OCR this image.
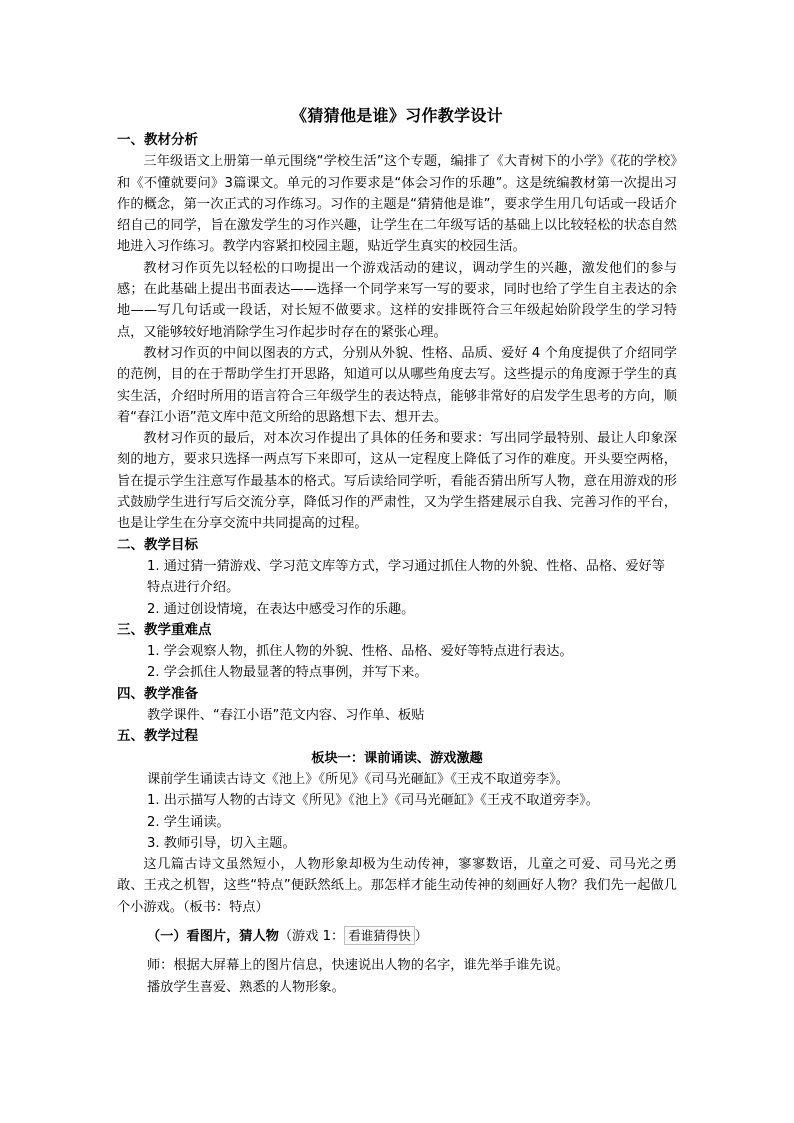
《猜猜他是谁》习作教学设计
一、教材分析

三年级语文上册第一单元围绕“学校生活”这个专题，编排了《大青树下的小学》《花的学校》和《不懂就要问》3篇课文。单元的习作要求是“体会习作的乐趣”。这是统编教材第一次提出习作的概念，第一次正式的习作练习。习作的主题是“猜猜他是谁”，要求学生用几句话或一段话介绍自己的同学，旨在激发学生的习作兴趣，让学生在二年级写话的基础上以比较轻松的状态自然地进入习作练习。教学内容紧扣校园主题，贴近学生真实的校园生活。

教材习作页先以轻松的口吻提出一个游戏活动的建议，调动学生的兴趣，激发他们的参与感；在此基础上提出书面表达——选择一个同学来写一写的要求，同时也给了学生自主表达的余地——写几句话或一段话，对长短不做要求。这样的安排既符合三年级起始阶段学生的学习特点，又能够较好地消除学生习作起步时存在的紧张心理。

教材习作页的中间以图表的方式，分别从外貌、性格、品质、爱好 4 个角度提供了介绍同学的范例，目的在于帮助学生打开思路，知道可以从哪些角度去写。这些提示的角度源于学生的真实生活，介绍时所用的语言符合三年级学生的表达特点，能够非常好的启发学生思考的方向，顺着“春江小语”范文库中范文所给的思路想下去、想开去。

教材习作页的最后，对本次习作提出了具体的任务和要求：写出同学最特别、最让人印象深刻的地方，要求只选择一两点写下来即可，这从一定程度上降低了习作的难度。开头要空两格，旨在提示学生注意写作最基本的格式。写后读给同学听，看能否猜出所写人物，意在用游戏的形式鼓励学生进行写后交流分享，降低习作的严肃性，又为学生搭建展示自我、完善习作的平台，也是让学生在分享交流中共同提高的过程。

二、教学目标

1. 通过猜一猜游戏、学习范文库等方式，学习通过抓住人物的外貌、性格、品格、爱好等

特点进行介绍。

2. 通过创设情境，在表达中感受习作的乐趣。

三、教学重难点

1. 学会观察人物，抓住人物的外貌、性格、品格、爱好等特点进行表达。

2. 学会抓住人物最显著的特点事例，并写下来。

四、教学准备

教学课件、“春江小语”范文内容、习作单、板贴

五、教学过程
板块一：课前诵读、游戏激趣

课前学生诵读古诗文《池上》《所见》《司马光砸缸》《王戎不取道旁李》。

1. 出示描写人物的古诗文《所见》《池上》《司马光砸缸》《王戎不取道旁李》。

2. 学生诵读。

3. 教师引导，切入主题。

这几篇古诗文虽然短小，人物形象却极为生动传神，寥寥数语，儿童之可爱、司马光之勇敢、王戎之机智，这些“特点”便跃然纸上。那怎样才能生动传神的刻画好人物？我们先一起做几个小游戏。（板书：特点）

（一）看图片，猜人物（游戏 1： 看谁猜得快 ）

师：根据大屏幕上的图片信息，快速说出人物的名字，谁先举手谁先说。

播放学生喜爱、熟悉的人物形象。
